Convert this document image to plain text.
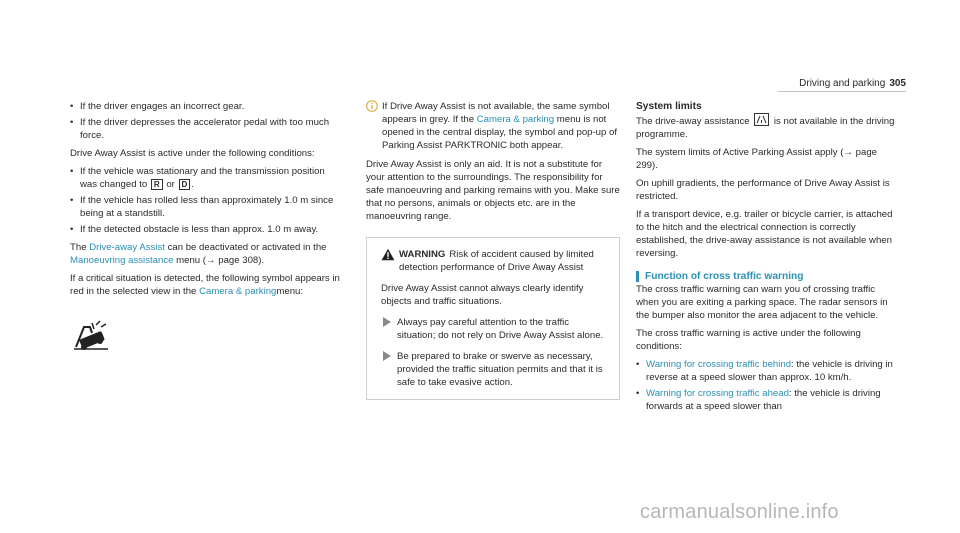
Driving and parking 305
• If the driver engages an incorrect gear.
• If the driver depresses the accelerator pedal with too much force.

Drive Away Assist is active under the following conditions:

• If the vehicle was stationary and the transmission position was changed to R or D .
• If the vehicle has rolled less than approximately 1.0 m since being at a standstill.
• If the detected obstacle is less than approx. 1.0 m away.

The Drive-away Assist can be deactivated or activated in the Manoeuvring assistance menu (→ page 308).

If a critical situation is detected, the following symbol appears in red in the selected view in the Camera & parkingmenu:

If Drive Away Assist is not available, the same symbol appears in grey. If the Camera & parking menu is not opened in the central display, the symbol and pop-up of Parking Assist PARKTRONIC both appear.

Drive Away Assist is only an aid. It is not a substitute for your attention to the surroundings. The responsibility for safe manoeuvring and parking remains with you. Make sure that no persons, animals or objects etc. are in the manoeuvring range.

WARNING Risk of accident caused by limited detection performance of Drive Away Assist

Drive Away Assist cannot always clearly identify objects and traffic situations.

Always pay careful attention to the traffic situation; do not rely on Drive Away Assist alone.
Be prepared to brake or swerve as necessary, provided the traffic situation permits and that it is safe to take evasive action.
System limits

The drive-away assistance  is not available in the driving programme.

The system limits of Active Parking Assist apply (→ page 299).

On uphill gradients, the performance of Drive Away Assist is restricted.

If a transport device, e.g. trailer or bicycle carrier, is attached to the hitch and the electrical connection is correctly established, the drive-away assistance is not available when reversing.

Function of cross traffic warning

The cross traffic warning can warn you of crossing traffic when you are exiting a parking space. The radar sensors in the bumper also monitor the area adjacent to the vehicle.

The cross traffic warning is active under the following conditions:

• Warning for crossing traffic behind: the vehicle is driving in reverse at a speed slower than approx. 10 km/h.
• Warning for crossing traffic ahead: the vehicle is driving forwards at a speed slower than
carmanualsonline.info
